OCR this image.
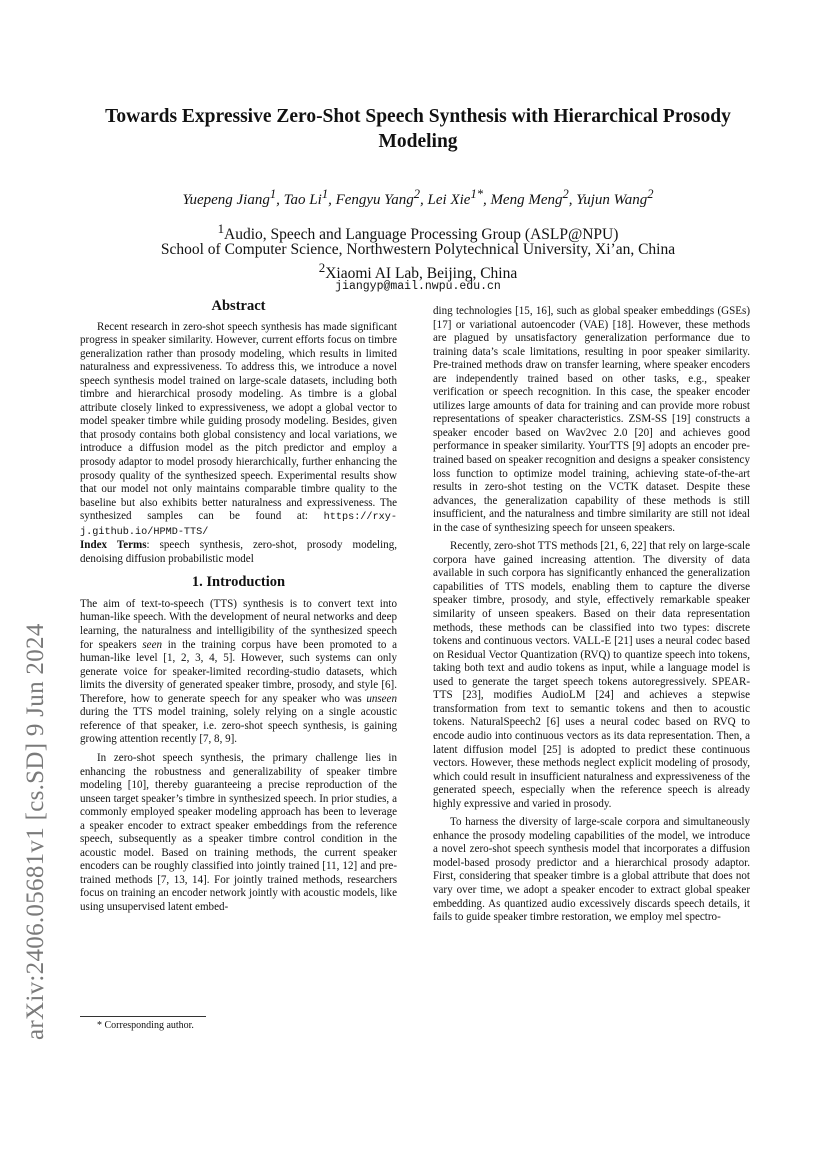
arXiv:2406.05681v1 [cs.SD] 9 Jun 2024
Towards Expressive Zero-Shot Speech Synthesis with Hierarchical Prosody Modeling
Yuepeng Jiang$^1$, Tao Li$^1$, Fengyu Yang$^2$, Lei Xie$^{1*}$, Meng Meng$^2$, Yujun Wang$^2$
$^1$Audio, Speech and Language Processing Group (ASLP@NPU)
School of Computer Science, Northwestern Polytechnical University, Xi’an, China
$^2$Xiaomi AI Lab, Beijing, China
jiangyp@mail.nwpu.edu.cn
Abstract

Recent research in zero-shot speech synthesis has made significant progress in speaker similarity. However, current efforts focus on timbre generalization rather than prosody modeling, which results in limited naturalness and expressiveness. To address this, we introduce a novel speech synthesis model trained on large-scale datasets, including both timbre and hierarchical prosody modeling. As timbre is a global attribute closely linked to expressiveness, we adopt a global vector to model speaker timbre while guiding prosody modeling. Besides, given that prosody contains both global consistency and local variations, we introduce a diffusion model as the pitch predictor and employ a prosody adaptor to model prosody hierarchically, further enhancing the prosody quality of the synthesized speech. Experimental results show that our model not only maintains comparable timbre quality to the baseline but also exhibits better naturalness and expressiveness. The synthesized samples can be found at: https://rxy-j.github.io/HPMD-TTS/

Index Terms: speech synthesis, zero-shot, prosody modeling, denoising diffusion probabilistic model

1. Introduction

The aim of text-to-speech (TTS) synthesis is to convert text into human-like speech. With the development of neural networks and deep learning, the naturalness and intelligibility of the synthesized speech for speakers seen in the training corpus have been promoted to a human-like level [1, 2, 3, 4, 5]. However, such systems can only generate voice for speaker-limited recording-studio datasets, which limits the diversity of generated speaker timbre, prosody, and style [6]. Therefore, how to generate speech for any speaker who was unseen during the TTS model training, solely relying on a single acoustic reference of that speaker, i.e. zero-shot speech synthesis, is gaining growing attention recently [7, 8, 9].

In zero-shot speech synthesis, the primary challenge lies in enhancing the robustness and generalizability of speaker timbre modeling [10], thereby guaranteeing a precise reproduction of the unseen target speaker’s timbre in synthesized speech. In prior studies, a commonly employed speaker modeling approach has been to leverage a speaker encoder to extract speaker embeddings from the reference speech, subsequently as a speaker timbre control condition in the acoustic model. Based on training methods, the current speaker encoders can be roughly classified into jointly trained [11, 12] and pre-trained methods [7, 13, 14]. For jointly trained methods, researchers focus on training an encoder network jointly with acoustic models, like using unsupervised latent embed-

ding technologies [15, 16], such as global speaker embeddings (GSEs) [17] or variational autoencoder (VAE) [18]. However, these methods are plagued by unsatisfactory generalization performance due to training data’s scale limitations, resulting in poor speaker similarity. Pre-trained methods draw on transfer learning, where speaker encoders are independently trained based on other tasks, e.g., speaker verification or speech recognition. In this case, the speaker encoder utilizes large amounts of data for training and can provide more robust representations of speaker characteristics. ZSM-SS [19] constructs a speaker encoder based on Wav2vec 2.0 [20] and achieves good performance in speaker similarity. YourTTS [9] adopts an encoder pre-trained based on speaker recognition and designs a speaker consistency loss function to optimize model training, achieving state-of-the-art results in zero-shot testing on the VCTK dataset. Despite these advances, the generalization capability of these methods is still insufficient, and the naturalness and timbre similarity are still not ideal in the case of synthesizing speech for unseen speakers.

Recently, zero-shot TTS methods [21, 6, 22] that rely on large-scale corpora have gained increasing attention. The diversity of data available in such corpora has significantly enhanced the generalization capabilities of TTS models, enabling them to capture the diverse speaker timbre, prosody, and style, effectively remarkable speaker similarity of unseen speakers. Based on their data representation methods, these methods can be classified into two types: discrete tokens and continuous vectors. VALL-E [21] uses a neural codec based on Residual Vector Quantization (RVQ) to quantize speech into tokens, taking both text and audio tokens as input, while a language model is used to generate the target speech tokens autoregressively. SPEAR-TTS [23], modifies AudioLM [24] and achieves a stepwise transformation from text to semantic tokens and then to acoustic tokens. NaturalSpeech2 [6] uses a neural codec based on RVQ to encode audio into continuous vectors as its data representation. Then, a latent diffusion model [25] is adopted to predict these continuous vectors. However, these methods neglect explicit modeling of prosody, which could result in insufficient naturalness and expressiveness of the generated speech, especially when the reference speech is already highly expressive and varied in prosody.

To harness the diversity of large-scale corpora and simultaneously enhance the prosody modeling capabilities of the model, we introduce a novel zero-shot speech synthesis model that incorporates a diffusion model-based prosody predictor and a hierarchical prosody adaptor. First, considering that speaker timbre is a global attribute that does not vary over time, we adopt a speaker encoder to extract global speaker embedding. As quantized audio excessively discards speech details, it fails to guide speaker timbre restoration, we employ mel spectro-

* Corresponding author.
